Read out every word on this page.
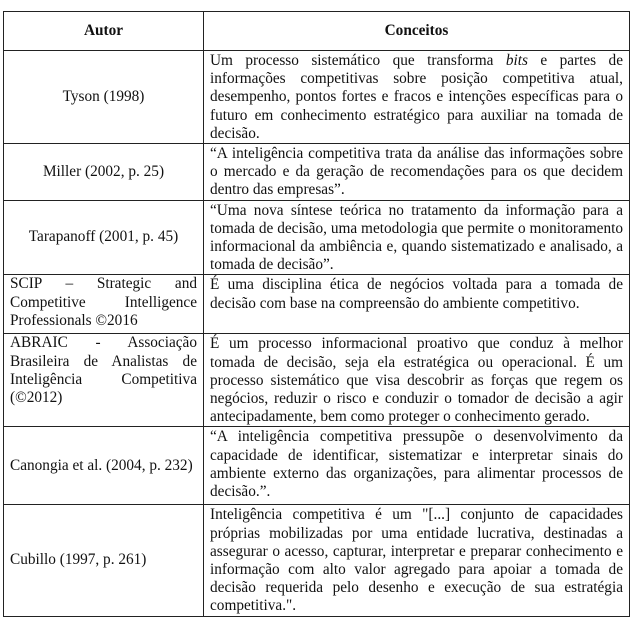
Autor	Conceitos
Tyson (1998)	Um processo sistemático que transforma bits e partes de informações competitivas sobre posição competitiva atual, desempenho, pontos fortes e fracos e intenções específicas para o futuro em conhecimento estratégico para auxiliar na tomada de decisão.
Miller (2002, p. 25)	“A inteligência competitiva trata da análise das informações sobre o mercado e da geração de recomendações para os que decidem dentro das empresas”.
Tarapanoff (2001, p. 45)	“Uma nova síntese teórica no tratamento da informação para a tomada de decisão, uma metodologia que permite o monitoramento informacional da ambiência e, quando sistematizado e analisado, a tomada de decisão”.
SCIP – Strategic and Competitive Intelligence Professionals ©2016	É uma disciplina ética de negócios voltada para a tomada de decisão com base na compreensão do ambiente competitivo.
ABRAIC - Associação Brasileira de Analistas de Inteligência Competitiva (©2012)	É um processo informacional proativo que conduz à melhor tomada de decisão, seja ela estratégica ou operacional. É um processo sistemático que visa descobrir as forças que regem os negócios, reduzir o risco e conduzir o tomador de decisão a agir antecipadamente, bem como proteger o conhecimento gerado.
Canongia et al. (2004, p. 232)	“A inteligência competitiva pressupõe o desenvolvimento da capacidade de identificar, sistematizar e interpretar sinais do ambiente externo das organizações, para alimentar processos de decisão.”.
Cubillo (1997, p. 261)	Inteligência competitiva é um "[...] conjunto de capacidades próprias mobilizadas por uma entidade lucrativa, destinadas a assegurar o acesso, capturar, interpretar e preparar conhecimento e informação com alto valor agregado para apoiar a tomada de decisão requerida pelo desenho e execução de sua estratégia competitiva.".
